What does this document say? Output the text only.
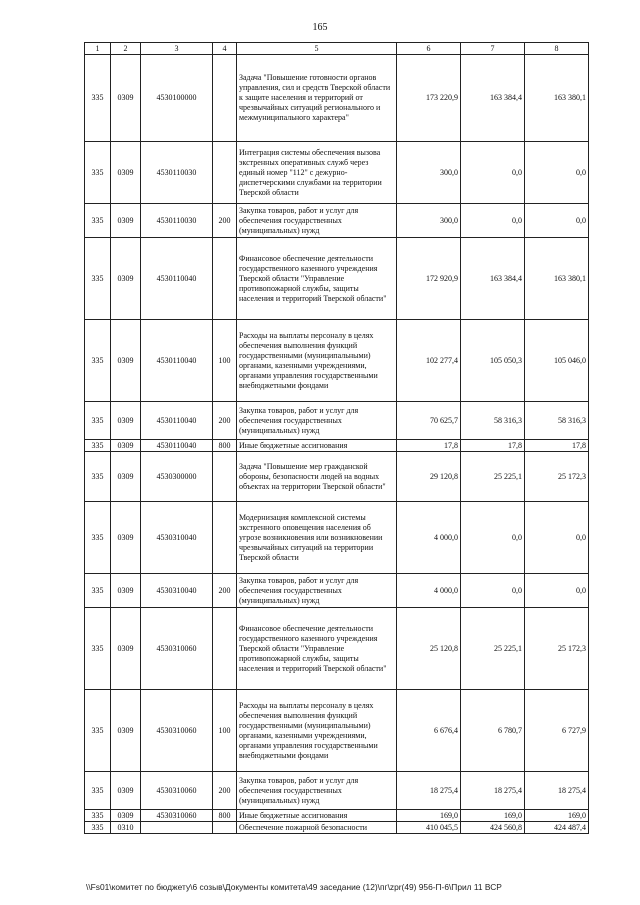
165
1	2	3	4	5	6	7	8
335	0309	4530100000		Задача "Повышение готовности органов управления, сил и средств Тверской области к защите населения и территорий от чрезвычайных ситуаций регионального и межмуниципального характера"	173 220,9	163 384,4	163 380,1
335	0309	4530110030		Интеграция системы обеспечения вызова экстренных оперативных служб через единый номер "112" с дежурно-диспетчерскими службами на территории Тверской области	300,0	0,0	0,0
335	0309	4530110030	200	Закупка товаров, работ и услуг для обеспечения государственных (муниципальных) нужд	300,0	0,0	0,0
335	0309	4530110040		Финансовое обеспечение деятельности государственного казенного учреждения Тверской области "Управление противопожарной службы, защиты населения и территорий Тверской области"	172 920,9	163 384,4	163 380,1
335	0309	4530110040	100	Расходы на выплаты персоналу в целях обеспечения выполнения функций государственными (муниципальными) органами, казенными учреждениями, органами управления государственными внебюджетными фондами	102 277,4	105 050,3	105 046,0
335	0309	4530110040	200	Закупка товаров, работ и услуг для обеспечения государственных (муниципальных) нужд	70 625,7	58 316,3	58 316,3
335	0309	4530110040	800	Иные бюджетные ассигнования	17,8	17,8	17,8
335	0309	4530300000		Задача "Повышение мер гражданской обороны, безопасности людей на водных объектах на территории Тверской области"	29 120,8	25 225,1	25 172,3
335	0309	4530310040		Модернизация комплексной системы экстренного оповещения населения об угрозе возникновения или возникновении чрезвычайных ситуаций на территории Тверской области	4 000,0	0,0	0,0
335	0309	4530310040	200	Закупка товаров, работ и услуг для обеспечения государственных (муниципальных) нужд	4 000,0	0,0	0,0
335	0309	4530310060		Финансовое обеспечение деятельности государственного казенного учреждения Тверской области "Управление противопожарной службы, защиты населения и территорий Тверской области"	25 120,8	25 225,1	25 172,3
335	0309	4530310060	100	Расходы на выплаты персоналу в целях обеспечения выполнения функций государственными (муниципальными) органами, казенными учреждениями, органами управления государственными внебюджетными фондами	6 676,4	6 780,7	6 727,9
335	0309	4530310060	200	Закупка товаров, работ и услуг для обеспечения государственных (муниципальных) нужд	18 275,4	18 275,4	18 275,4
335	0309	4530310060	800	Иные бюджетные ассигнования	169,0	169,0	169,0
335	0310			Обеспечение пожарной безопасности	410 045,5	424 560,8	424 487,4
\\Fs01\комитет по бюджету\6 созыв\Документы комитета\49 заседание (12)\пг\zpr(49) 956-П-6\Прил 11 ВСР
